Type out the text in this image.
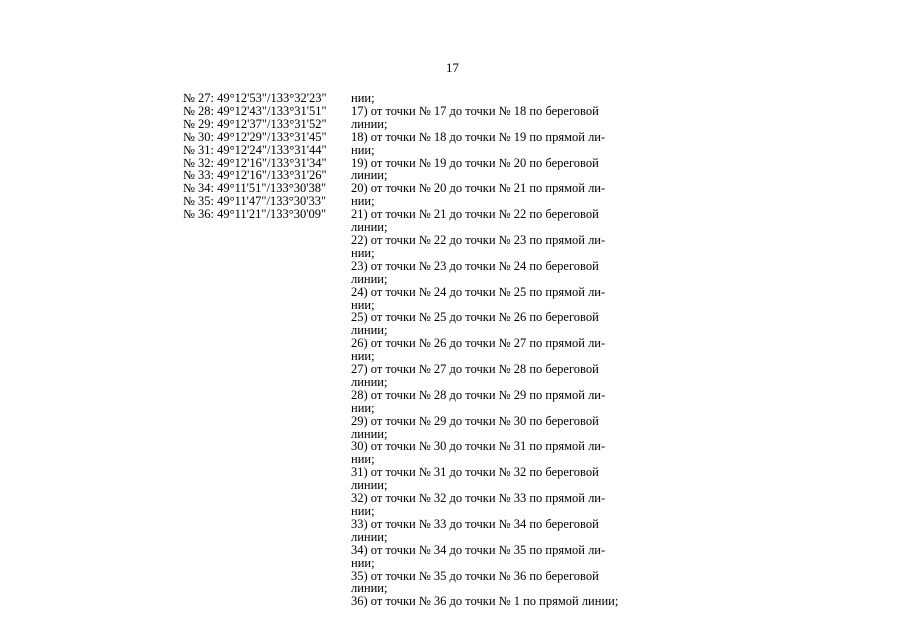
17
№ 27: 49°12'53"/133°32'23"
№ 28: 49°12'43"/133°31'51"
№ 29: 49°12'37"/133°31'52"
№ 30: 49°12'29"/133°31'45"
№ 31: 49°12'24"/133°31'44"
№ 32: 49°12'16"/133°31'34"
№ 33: 49°12'16"/133°31'26"
№ 34: 49°11'51"/133°30'38"
№ 35: 49°11'47"/133°30'33"
№ 36: 49°11'21"/133°30'09"
нии;
17) от точки № 17 до точки № 18 по береговой
линии;
18) от точки № 18 до точки № 19 по прямой ли-
нии;
19) от точки № 19 до точки № 20 по береговой
линии;
20) от точки № 20 до точки № 21 по прямой ли-
нии;
21) от точки № 21 до точки № 22 по береговой
линии;
22) от точки № 22 до точки № 23 по прямой ли-
нии;
23) от точки № 23 до точки № 24 по береговой
линии;
24) от точки № 24 до точки № 25 по прямой ли-
нии;
25) от точки № 25 до точки № 26 по береговой
линии;
26) от точки № 26 до точки № 27 по прямой ли-
нии;
27) от точки № 27 до точки № 28 по береговой
линии;
28) от точки № 28 до точки № 29 по прямой ли-
нии;
29) от точки № 29 до точки № 30 по береговой
линии;
30) от точки № 30 до точки № 31 по прямой ли-
нии;
31) от точки № 31 до точки № 32 по береговой
линии;
32) от точки № 32 до точки № 33 по прямой ли-
нии;
33) от точки № 33 до точки № 34 по береговой
линии;
34) от точки № 34 до точки № 35 по прямой ли-
нии;
35) от точки № 35 до точки № 36 по береговой
линии;
36) от точки № 36 до точки № 1 по прямой линии;
